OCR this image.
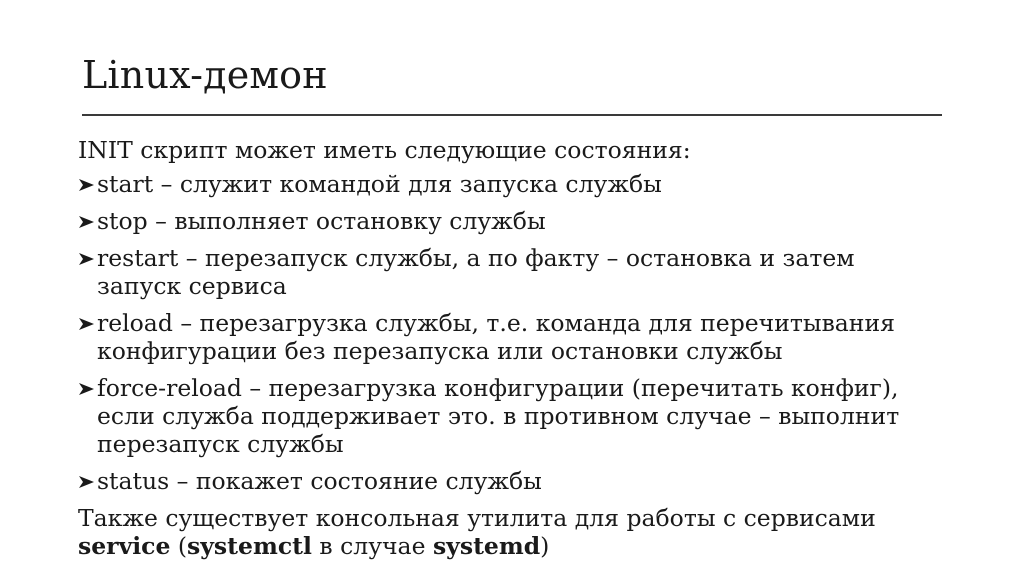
Linux-демон
INIT скрипт может иметь следующие состояния:
start – служит командой для запуска службы
stop – выполняет остановку службы
restart – перезапуск службы, а по факту – остановка и затем
запуск сервиса
reload – перезагрузка службы, т.е. команда для перечитывания
конфигурации без перезапуска или остановки службы
force-reload – перезагрузка конфигурации (перечитать конфиг),
если служба поддерживает это. в противном случае – выполнит
перезапуск службы
status – покажет состояние службы
Также существует консольная утилита для работы с сервисами
service (systemctl в случае systemd)
